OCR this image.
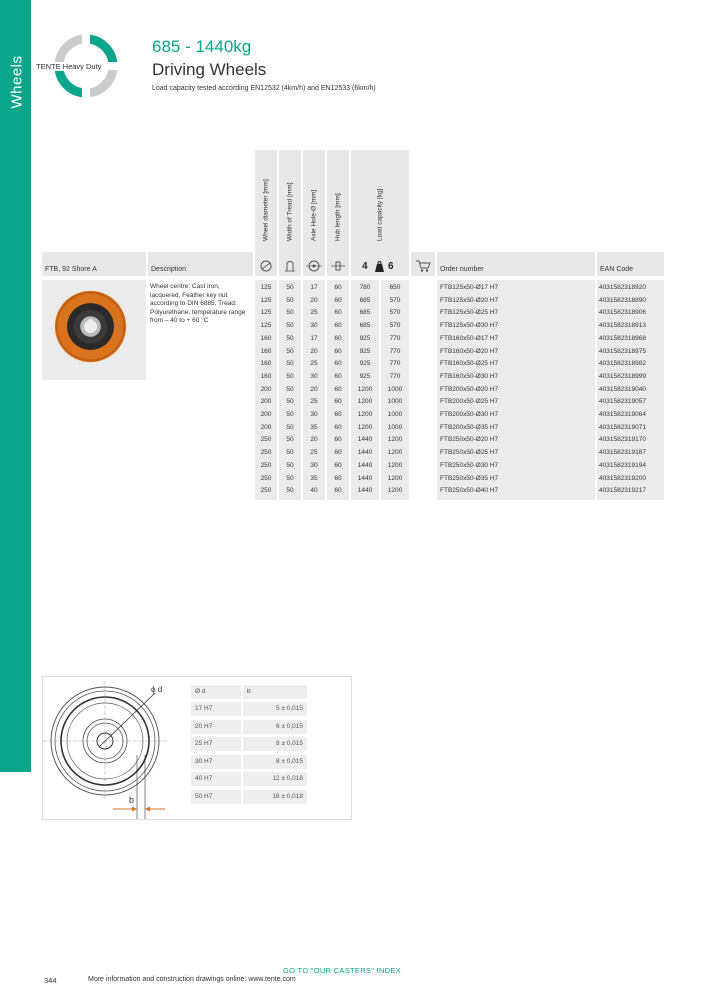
Wheels TENTE Heavy Duty
685 - 1440kg
Driving Wheels
Load capacity tested according EN12532 (4km/h) and EN12533 (6km/h)
Wheel diameter [mm]	Width of Tread [mm]	Axle Hole-Ø [mm]	Hub length [mm]	Load capacity [kg]
4 6
FTB, 92 Shore A	Description	Order number	EAN Code
Wheel centre: Cast iron, lacquered, Feather key nut according to DIN 6885, Tread: Polyurethane, temperature range from – 40 to + 60 °C
125	50	17	60	780	650	FTB125x50-Ø17 H7	4031582318920
125	50	20	60	685	570	FTB125x50-Ø20 H7	4031582318890
125	50	25	60	685	570	FTB125x50-Ø25 H7	4031582318906
125	50	30	60	685	570	FTB125x50-Ø30 H7	4031582318913
160	50	17	60	925	770	FTB160x50-Ø17 H7	4031582318968
160	50	20	60	925	770	FTB160x50-Ø20 H7	4031582318975
160	50	25	60	925	770	FTB160x50-Ø25 H7	4031582318982
160	50	30	60	925	770	FTB160x50-Ø30 H7	4031582318999
200	50	20	60	1200	1000	FTB200x50-Ø20 H7	4031582319040
200	50	25	60	1200	1000	FTB200x50-Ø25 H7	4031582319057
200	50	30	60	1200	1000	FTB200x50-Ø30 H7	4031582319064
200	50	35	60	1200	1000	FTB200x50-Ø35 H7	4031582319071
250	50	20	60	1440	1200	FTB250x50-Ø20 H7	4031582319170
250	50	25	60	1440	1200	FTB250x50-Ø25 H7	4031582319187
250	50	30	60	1440	1200	FTB250x50-Ø30 H7	4031582319194
250	50	35	60	1440	1200	FTB250x50-Ø35 H7	4031582319200
250	50	40	60	1440	1200	FTB250x50-Ø40 H7	4031582319217
ϕ d
b
Ø d	b
17 H7	5 ± 0,015
20 H7	6 ± 0,015
25 H7	8 ± 0,015
30 H7	8 ± 0,015
40 H7	12 ± 0,018
50 H7	16 ± 0,018
GO TO "OUR CASTERS" INDEX
344	More information and construction drawings online: www.tente.com
